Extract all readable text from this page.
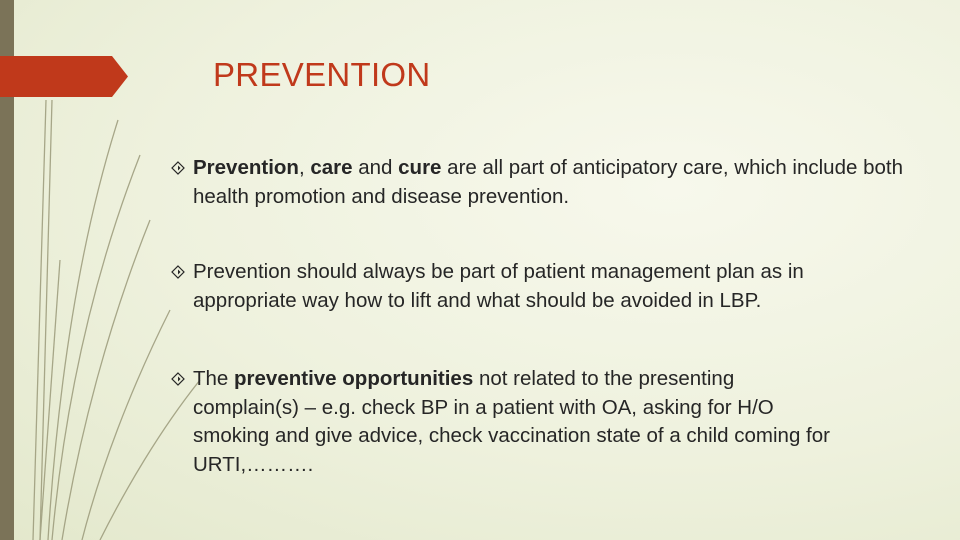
PREVENTION
Prevention, care and cure are all part of anticipatory care, which include both health promotion and disease prevention.
Prevention should always be part of patient management plan as in appropriate way how to lift and what should be avoided in LBP.
The preventive opportunities not related to the presenting complain(s) – e.g. check BP in a patient with OA, asking for H/O smoking and give advice, check vaccination state of a child coming for URTI,……….
